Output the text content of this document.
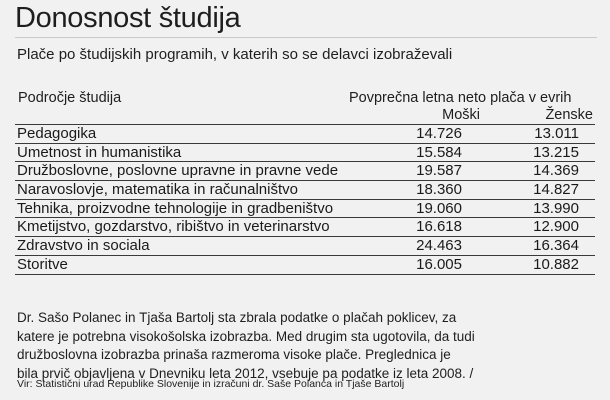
Donosnost študija
Plače po študijskih programih, v katerih so se delavci izobraževali
Področje študija	Povprečna letna neto plača v evrih
Moški	Ženske
Pedagogika	14.726	13.011
Umetnost in humanistika	15.584	13.215
Družboslovne, poslovne upravne in pravne vede	19.587	14.369
Naravoslovje, matematika in računalništvo	18.360	14.827
Tehnika, proizvodne tehnologije in gradbeništvo	19.060	13.990
Kmetijstvo, gozdarstvo, ribištvo in veterinarstvo	16.618	12.900
Zdravstvo in sociala	24.463	16.364
Storitve	16.005	10.882
Dr. Sašo Polanec in Tjaša Bartolj sta zbrala podatke o plačah poklicev, za
katere je potrebna visokošolska izobrazba. Med drugim sta ugotovila, da tudi
družboslovna izobrazba prinaša razmeroma visoke plače. Preglednica je
bila prvič objavljena v Dnevniku leta 2012, vsebuje pa podatke iz leta 2008. /
Vir: Statistični urad Republike Slovenije in izračuni dr. Saše Polanca in Tjaše Bartolj
